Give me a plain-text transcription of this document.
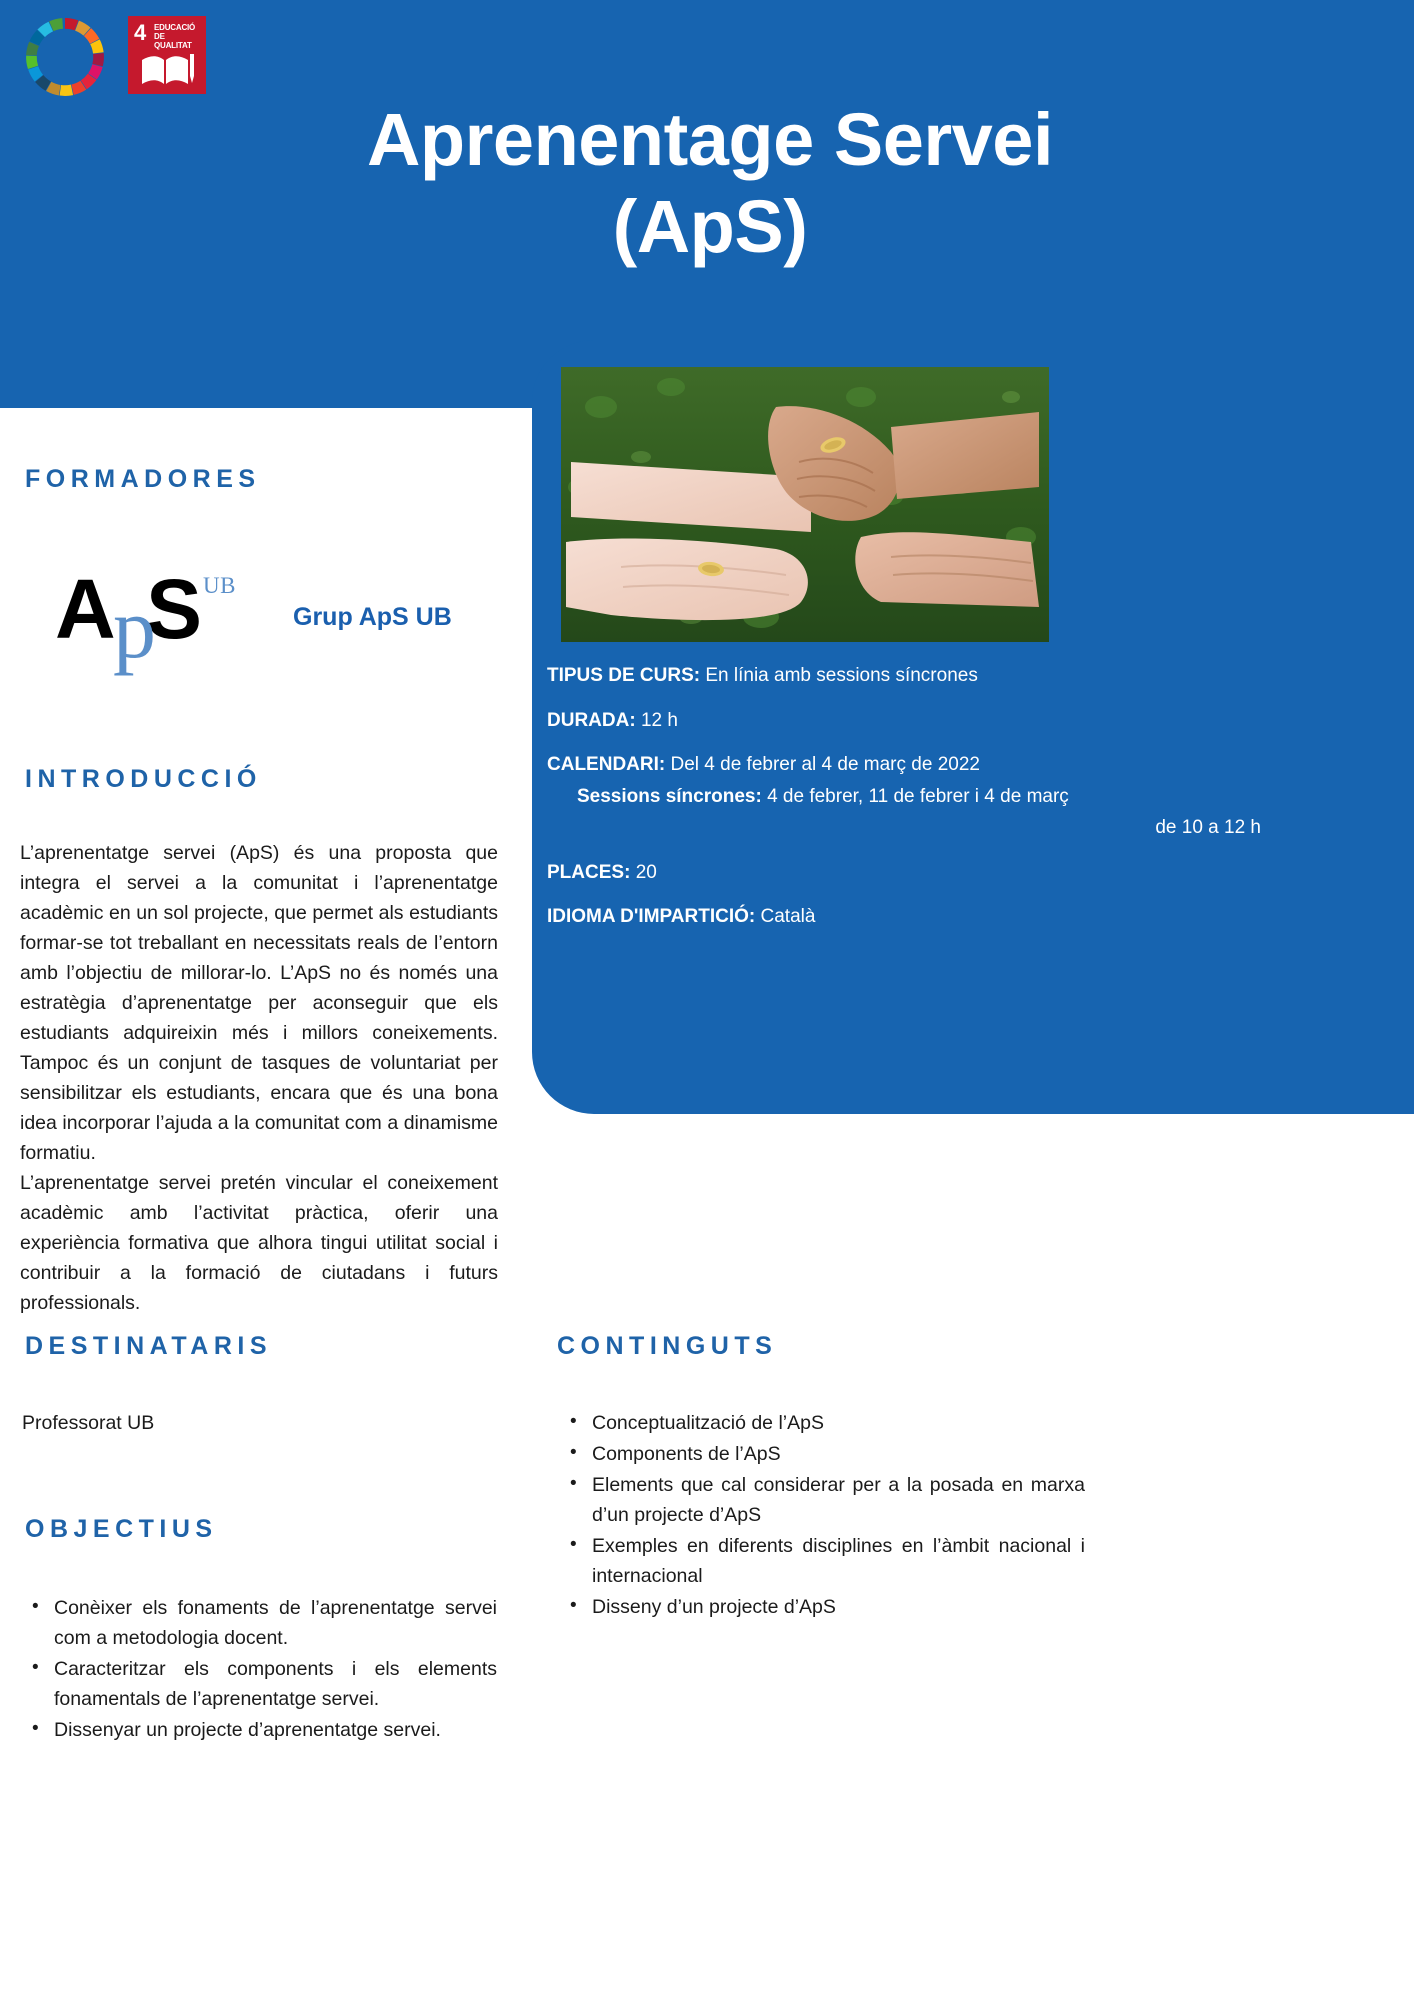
4 EDUCACIÓ
DE QUALITAT
Aprenentage Servei
(ApS)
FORMADORES
A
p
S UB
Grup ApS UB
INTRODUCCIÓ

L’aprenentatge servei (ApS) és una proposta que integra el servei a la comunitat i l’aprenentatge acadèmic en un sol projecte, que permet als estudiants formar-se tot treballant en necessitats reals de l’entorn amb l’objectiu de millorar-lo. L’ApS no és només una estratègia d’aprenentatge per aconseguir que els estudiants adquireixin més i millors coneixements. Tampoc és un conjunt de tasques de voluntariat per sensibilitzar els estudiants, encara que és una bona idea incorporar l’ajuda a la comunitat com a dinamisme formatiu.

L’aprenentatge servei pretén vincular el coneixement acadèmic amb l’activitat pràctica, oferir una experiència formativa que alhora tingui utilitat social i contribuir a la formació de ciutadans i futurs professionals.

DESTINATARIS
Professorat UB
OBJECTIUS
• Conèixer els fonaments de l’aprenentatge servei com a metodologia docent.
• Caracteritzar els components i els elements fonamentals de l’aprenentatge servei.
• Dissenyar un projecte d’aprenentatge servei.
TIPUS DE CURS: En línia amb sessions síncrones
DURADA: 12 h
CALENDARI: Del 4 de febrer al 4 de març de 2022
Sessions síncrones: 4 de febrer, 11 de febrer i 4 de març
de 10 a 12 h
PLACES: 20
IDIOMA D'IMPARTICIÓ: Català
CONTINGUTS
• Conceptualització de l’ApS
• Components de l’ApS
• Elements que cal considerar per a la posada en marxa d’un projecte d’ApS
• Exemples en diferents disciplines en l’àmbit nacional i internacional
• Disseny d’un projecte d’ApS
